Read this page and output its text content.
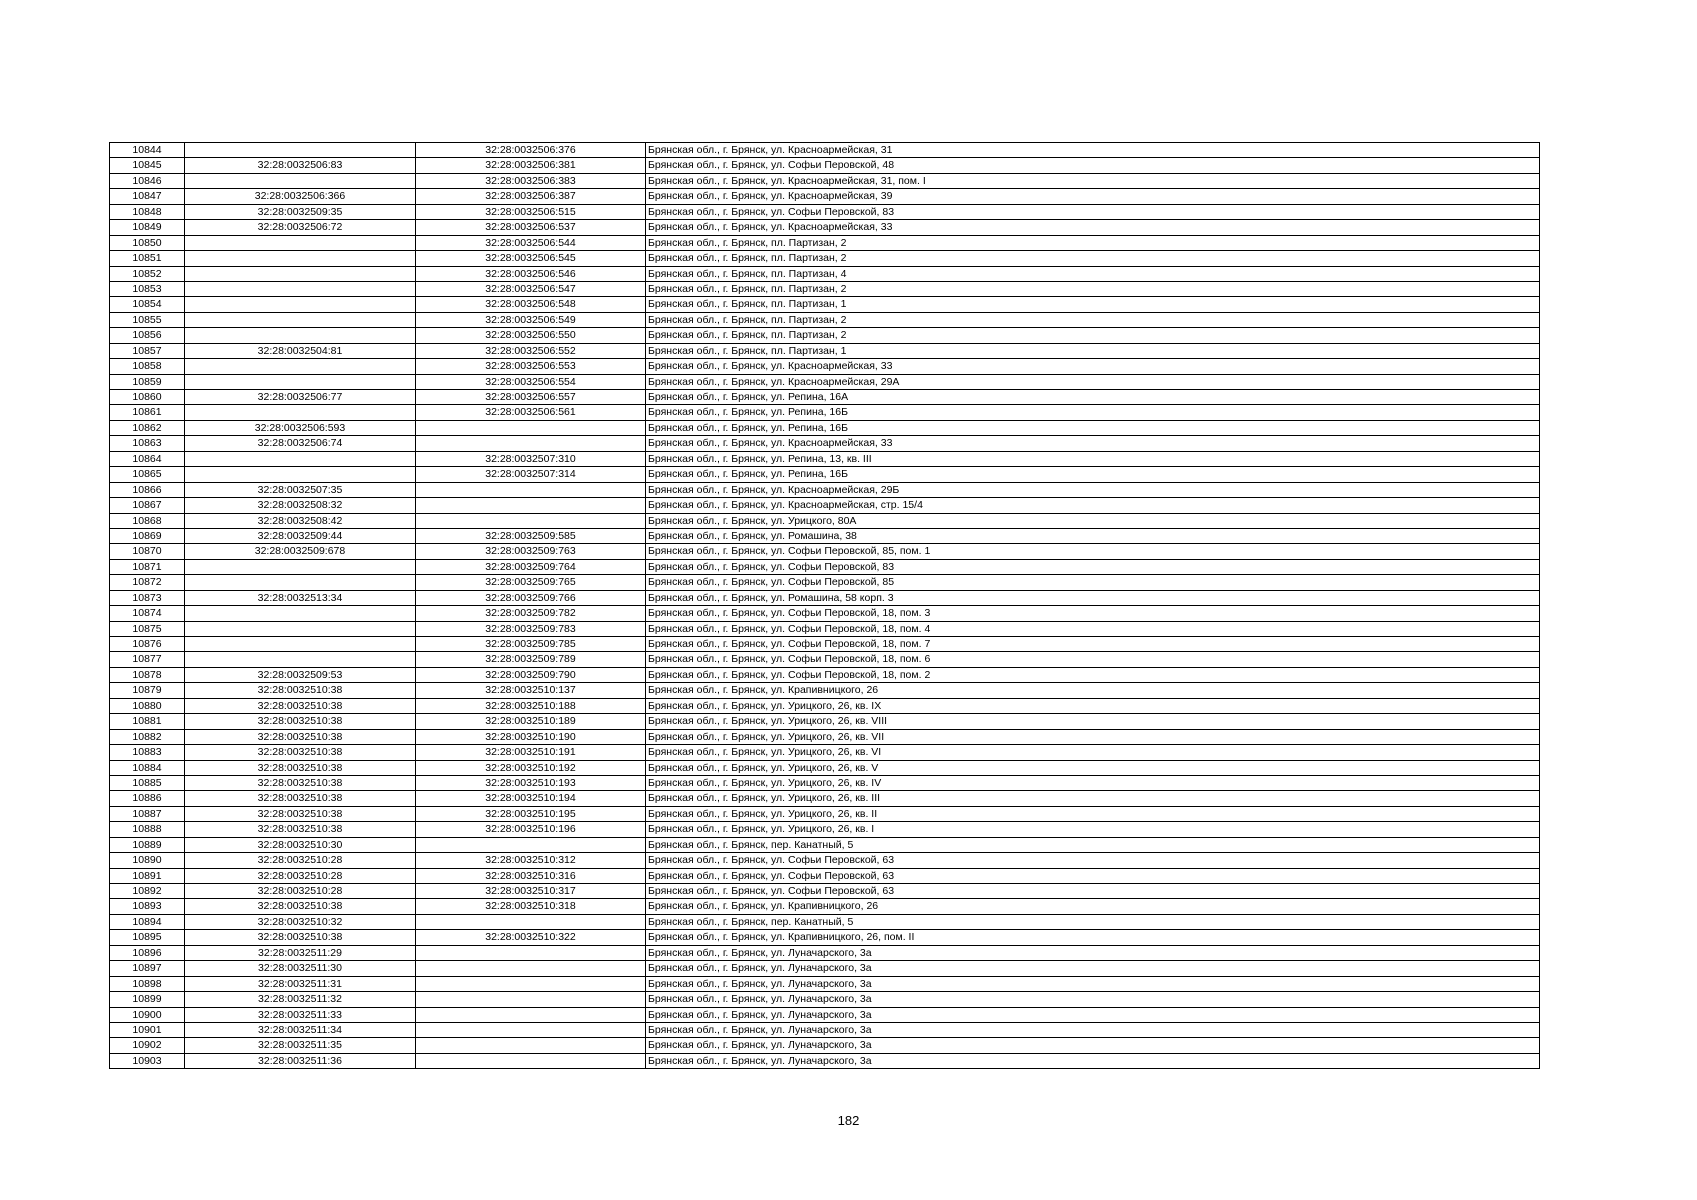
10844		32:28:0032506:376	Брянская обл., г. Брянск, ул. Красноармейская, 31
10845	32:28:0032506:83	32:28:0032506:381	Брянская обл., г. Брянск, ул. Софьи Перовской, 48
10846		32:28:0032506:383	Брянская обл., г. Брянск, ул. Красноармейская, 31, пом. I
10847	32:28:0032506:366	32:28:0032506:387	Брянская обл., г. Брянск, ул. Красноармейская, 39
10848	32:28:0032509:35	32:28:0032506:515	Брянская обл., г. Брянск, ул. Софьи Перовской, 83
10849	32:28:0032506:72	32:28:0032506:537	Брянская обл., г. Брянск, ул. Красноармейская, 33
10850		32:28:0032506:544	Брянская обл., г. Брянск, пл. Партизан, 2
10851		32:28:0032506:545	Брянская обл., г. Брянск, пл. Партизан, 2
10852		32:28:0032506:546	Брянская обл., г. Брянск, пл. Партизан, 4
10853		32:28:0032506:547	Брянская обл., г. Брянск, пл. Партизан, 2
10854		32:28:0032506:548	Брянская обл., г. Брянск, пл. Партизан, 1
10855		32:28:0032506:549	Брянская обл., г. Брянск, пл. Партизан, 2
10856		32:28:0032506:550	Брянская обл., г. Брянск, пл. Партизан, 2
10857	32:28:0032504:81	32:28:0032506:552	Брянская обл., г. Брянск, пл. Партизан, 1
10858		32:28:0032506:553	Брянская обл., г. Брянск, ул. Красноармейская, 33
10859		32:28:0032506:554	Брянская обл., г. Брянск, ул. Красноармейская, 29А
10860	32:28:0032506:77	32:28:0032506:557	Брянская обл., г. Брянск, ул. Репина, 16А
10861		32:28:0032506:561	Брянская обл., г. Брянск, ул. Репина, 16Б
10862	32:28:0032506:593		Брянская обл., г. Брянск, ул. Репина, 16Б
10863	32:28:0032506:74		Брянская обл., г. Брянск, ул. Красноармейская, 33
10864		32:28:0032507:310	Брянская обл., г. Брянск, ул. Репина, 13, кв. III
10865		32:28:0032507:314	Брянская обл., г. Брянск, ул. Репина, 16Б
10866	32:28:0032507:35		Брянская обл., г. Брянск, ул. Красноармейская, 29Б
10867	32:28:0032508:32		Брянская обл., г. Брянск, ул. Красноармейская, стр. 15/4
10868	32:28:0032508:42		Брянская обл., г. Брянск, ул. Урицкого, 80А
10869	32:28:0032509:44	32:28:0032509:585	Брянская обл., г. Брянск, ул. Ромашина, 38
10870	32:28:0032509:678	32:28:0032509:763	Брянская обл., г. Брянск, ул. Софьи Перовской, 85, пом. 1
10871		32:28:0032509:764	Брянская обл., г. Брянск, ул. Софьи Перовской, 83
10872		32:28:0032509:765	Брянская обл., г. Брянск, ул. Софьи Перовской, 85
10873	32:28:0032513:34	32:28:0032509:766	Брянская обл., г. Брянск, ул. Ромашина, 58 корп. 3
10874		32:28:0032509:782	Брянская обл., г. Брянск, ул. Софьи Перовской, 18, пом. 3
10875		32:28:0032509:783	Брянская обл., г. Брянск, ул. Софьи Перовской, 18, пом. 4
10876		32:28:0032509:785	Брянская обл., г. Брянск, ул. Софьи Перовской, 18, пом. 7
10877		32:28:0032509:789	Брянская обл., г. Брянск, ул. Софьи Перовской, 18, пом. 6
10878	32:28:0032509:53	32:28:0032509:790	Брянская обл., г. Брянск, ул. Софьи Перовской, 18, пом. 2
10879	32:28:0032510:38	32:28:0032510:137	Брянская обл., г. Брянск, ул. Крапивницкого, 26
10880	32:28:0032510:38	32:28:0032510:188	Брянская обл., г. Брянск, ул. Урицкого, 26, кв. IX
10881	32:28:0032510:38	32:28:0032510:189	Брянская обл., г. Брянск, ул. Урицкого, 26, кв. VIII
10882	32:28:0032510:38	32:28:0032510:190	Брянская обл., г. Брянск, ул. Урицкого, 26, кв. VII
10883	32:28:0032510:38	32:28:0032510:191	Брянская обл., г. Брянск, ул. Урицкого, 26, кв. VI
10884	32:28:0032510:38	32:28:0032510:192	Брянская обл., г. Брянск, ул. Урицкого, 26, кв. V
10885	32:28:0032510:38	32:28:0032510:193	Брянская обл., г. Брянск, ул. Урицкого, 26, кв. IV
10886	32:28:0032510:38	32:28:0032510:194	Брянская обл., г. Брянск, ул. Урицкого, 26, кв. III
10887	32:28:0032510:38	32:28:0032510:195	Брянская обл., г. Брянск, ул. Урицкого, 26, кв. II
10888	32:28:0032510:38	32:28:0032510:196	Брянская обл., г. Брянск, ул. Урицкого, 26, кв. I
10889	32:28:0032510:30		Брянская обл., г. Брянск, пер. Канатный, 5
10890	32:28:0032510:28	32:28:0032510:312	Брянская обл., г. Брянск, ул. Софьи Перовской, 63
10891	32:28:0032510:28	32:28:0032510:316	Брянская обл., г. Брянск, ул. Софьи Перовской, 63
10892	32:28:0032510:28	32:28:0032510:317	Брянская обл., г. Брянск, ул. Софьи Перовской, 63
10893	32:28:0032510:38	32:28:0032510:318	Брянская обл., г. Брянск, ул. Крапивницкого, 26
10894	32:28:0032510:32		Брянская обл., г. Брянск, пер. Канатный, 5
10895	32:28:0032510:38	32:28:0032510:322	Брянская обл., г. Брянск, ул. Крапивницкого, 26, пом. II
10896	32:28:0032511:29		Брянская обл., г. Брянск, ул. Луначарского, 3а
10897	32:28:0032511:30		Брянская обл., г. Брянск, ул. Луначарского, 3а
10898	32:28:0032511:31		Брянская обл., г. Брянск, ул. Луначарского, 3а
10899	32:28:0032511:32		Брянская обл., г. Брянск, ул. Луначарского, 3а
10900	32:28:0032511:33		Брянская обл., г. Брянск, ул. Луначарского, 3а
10901	32:28:0032511:34		Брянская обл., г. Брянск, ул. Луначарского, 3а
10902	32:28:0032511:35		Брянская обл., г. Брянск, ул. Луначарского, 3а
10903	32:28:0032511:36		Брянская обл., г. Брянск, ул. Луначарского, 3а
182
